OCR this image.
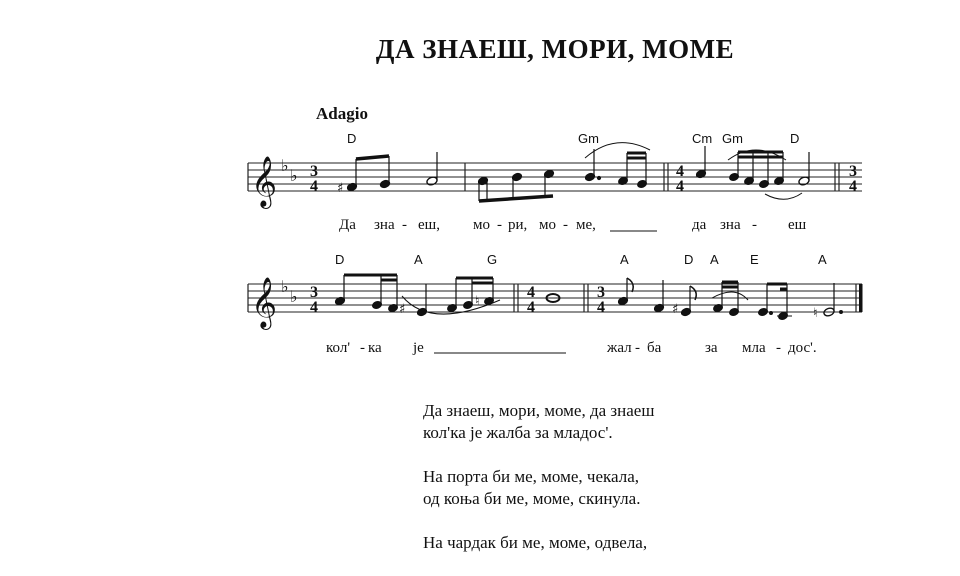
ДА ЗНАЕШ, МОРИ, МОМЕ
Adagio
D	Gm	Cm Gm	D
D	A	G	A	D A E	A
𝄞
𝄞
♭
♭
♭
♭
3
4
4
4
3
4
3
4
4
4
3
4
♯
♯
♮
♯	♮
Да зна - еш, мо - ри, мо - ме,	да зна - еш
кол' - ка је	жал - ба	за мла - дос'.
Да знаеш, мори, моме, да знаеш
кол'ка је жалба за младос'.
На порта би ме, моме, чекала,
од коња би ме, моме, скинула.
На чардак би ме, моме, одвела,
